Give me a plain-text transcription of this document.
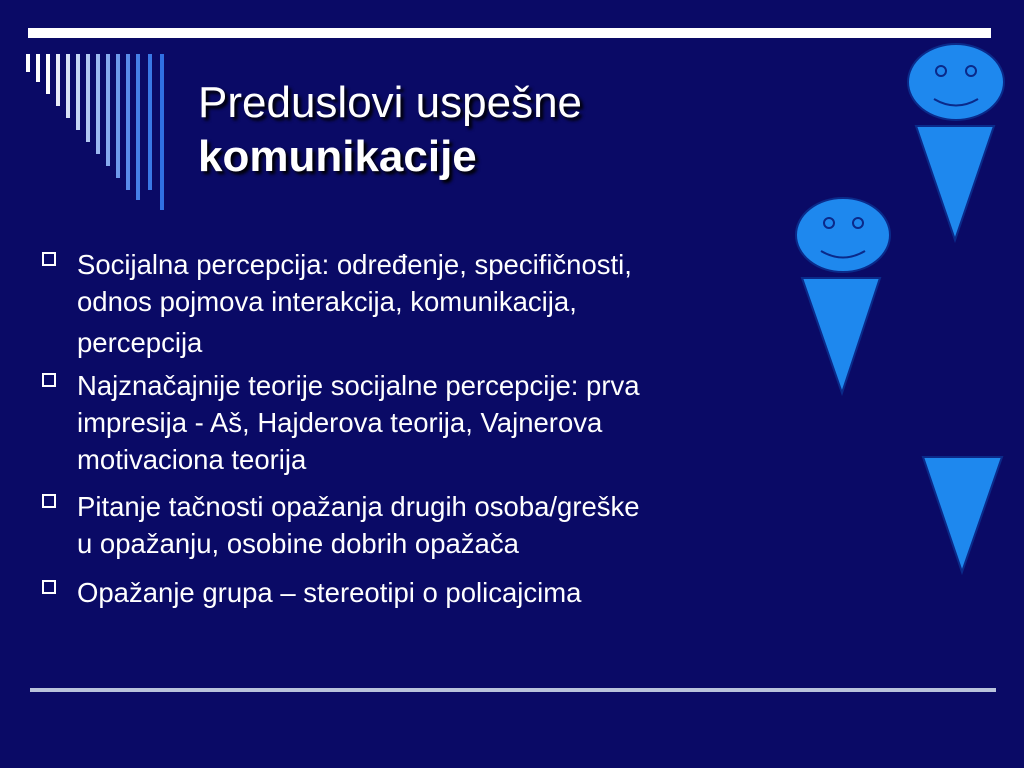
Preduslovi uspešne
komunikacije
Socijalna percepcija: određenje, specifičnosti,
odnos pojmova interakcija, komunikacija,
percepcija
Najznačajnije teorije socijalne percepcije: prva
impresija - Aš, Hajderova teorija, Vajnerova
motivaciona teorija
Pitanje tačnosti opažanja drugih osoba/greške
u opažanju, osobine dobrih opažača
Opažanje grupa – stereotipi o policajcima
